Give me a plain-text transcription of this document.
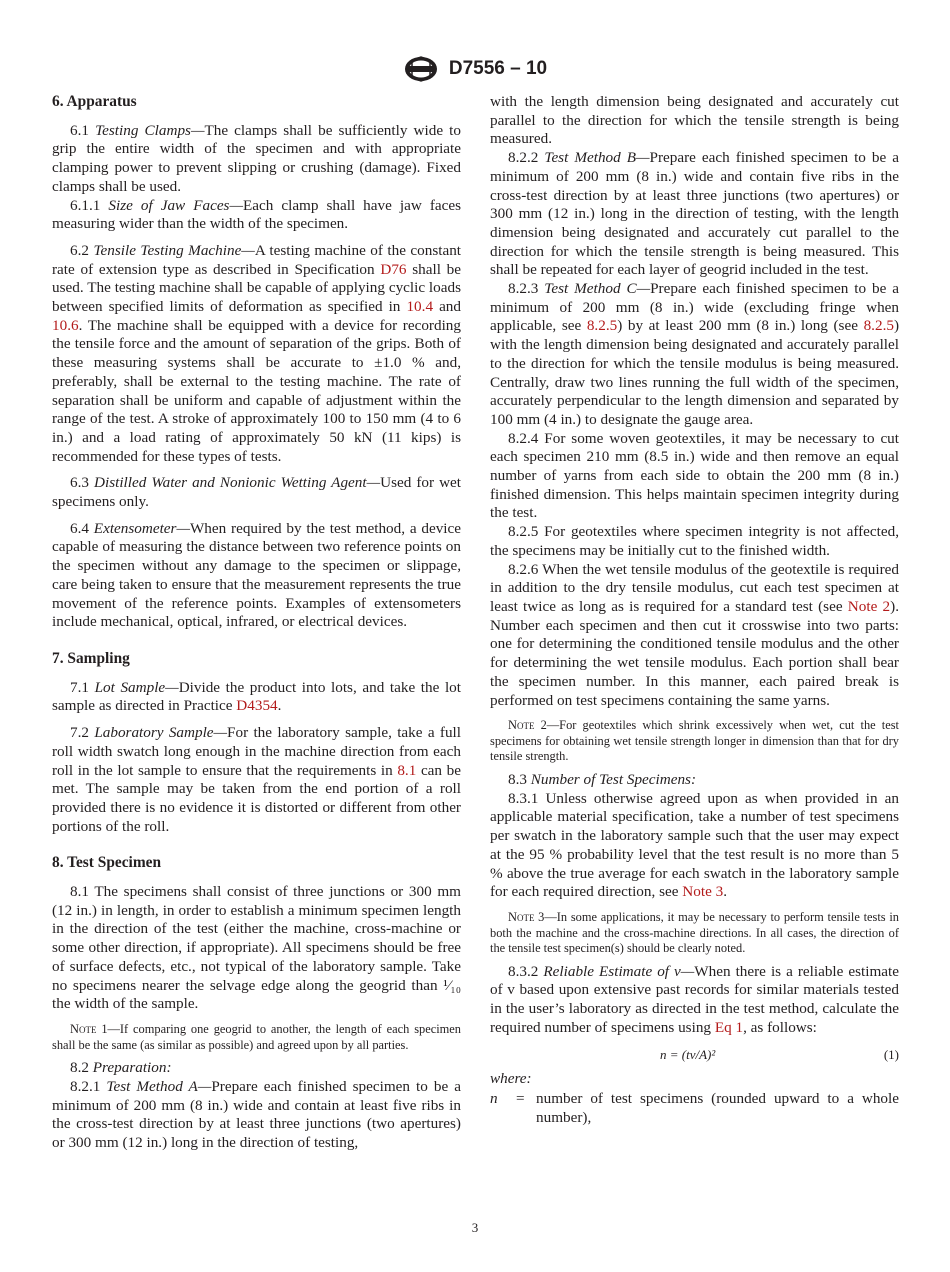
D7556 – 10
6. Apparatus

6.1 Testing Clamps—The clamps shall be sufficiently wide to grip the entire width of the specimen and with appropriate clamping power to prevent slipping or crushing (damage). Fixed clamps shall be used.

6.1.1 Size of Jaw Faces—Each clamp shall have jaw faces measuring wider than the width of the specimen.

6.2 Tensile Testing Machine—A testing machine of the constant rate of extension type as described in Specification D76 shall be used. The testing machine shall be capable of applying cyclic loads between specified limits of deformation as specified in 10.4 and 10.6. The machine shall be equipped with a device for recording the tensile force and the amount of separation of the grips. Both of these measuring systems shall be accurate to ±1.0 % and, preferably, shall be external to the testing machine. The rate of separation shall be uniform and capable of adjustment within the range of the test. A stroke of approximately 100 to 150 mm (4 to 6 in.) and a load rating of approximately 50 kN (11 kips) is recommended for these types of tests.

6.3 Distilled Water and Nonionic Wetting Agent—Used for wet specimens only.

6.4 Extensometer—When required by the test method, a device capable of measuring the distance between two reference points on the specimen without any damage to the specimen or slippage, care being taken to ensure that the measurement represents the true movement of the reference points. Examples of extensometers include mechanical, optical, infrared, or electrical devices.

7. Sampling

7.1 Lot Sample—Divide the product into lots, and take the lot sample as directed in Practice D4354.

7.2 Laboratory Sample—For the laboratory sample, take a full roll width swatch long enough in the machine direction from each roll in the lot sample to ensure that the requirements in 8.1 can be met. The sample may be taken from the end portion of a roll provided there is no evidence it is distorted or different from other portions of the roll.

8. Test Specimen

8.1 The specimens shall consist of three junctions or 300 mm (12 in.) in length, in order to establish a minimum specimen length in the direction of the test (either the machine, cross-machine or some other direction, if appropriate). All specimens should be free of surface defects, etc., not typical of the laboratory sample. Take no specimens nearer the selvage edge along the geogrid than ¹⁄₁₀ the width of the sample.

Note 1—If comparing one geogrid to another, the length of each specimen shall be the same (as similar as possible) and agreed upon by all parties.

8.2 Preparation:

8.2.1 Test Method A—Prepare each finished specimen to be a minimum of 200 mm (8 in.) wide and contain at least five ribs in the cross-test direction by at least three junctions (two apertures) or 300 mm (12 in.) long in the direction of testing,

with the length dimension being designated and accurately cut parallel to the direction for which the tensile strength is being measured.

8.2.2 Test Method B—Prepare each finished specimen to be a minimum of 200 mm (8 in.) wide and contain five ribs in the cross-test direction by at least three junctions (two apertures) or 300 mm (12 in.) long in the direction of testing, with the length dimension being designated and accurately cut parallel to the direction for which the tensile strength is being measured. This shall be repeated for each layer of geogrid included in the test.

8.2.3 Test Method C—Prepare each finished specimen to be a minimum of 200 mm (8 in.) wide (excluding fringe when applicable, see 8.2.5) by at least 200 mm (8 in.) long (see 8.2.5) with the length dimension being designated and accurately parallel to the direction for which the tensile modulus is being measured. Centrally, draw two lines running the full width of the specimen, accurately perpendicular to the length dimension and separated by 100 mm (4 in.) to designate the gauge area.

8.2.4 For some woven geotextiles, it may be necessary to cut each specimen 210 mm (8.5 in.) wide and then remove an equal number of yarns from each side to obtain the 200 mm (8 in.) finished dimension. This helps maintain specimen integrity during the test.

8.2.5 For geotextiles where specimen integrity is not affected, the specimens may be initially cut to the finished width.

8.2.6 When the wet tensile modulus of the geotextile is required in addition to the dry tensile modulus, cut each test specimen at least twice as long as is required for a standard test (see Note 2). Number each specimen and then cut it crosswise into two parts: one for determining the conditioned tensile modulus and the other for determining the wet tensile modulus. Each portion shall bear the specimen number. In this manner, each paired break is performed on test specimens containing the same yarns.

Note 2—For geotextiles which shrink excessively when wet, cut the test specimens for obtaining wet tensile strength longer in dimension than that for dry tensile strength.

8.3 Number of Test Specimens:

8.3.1 Unless otherwise agreed upon as when provided in an applicable material specification, take a number of test specimens per swatch in the laboratory sample such that the user may expect at the 95 % probability level that the test result is no more than 5 % above the true average for each swatch in the laboratory sample for each required direction, see Note 3.

Note 3—In some applications, it may be necessary to perform tensile tests in both the machine and the cross-machine directions. In all cases, the direction of the tensile test specimen(s) should be clearly noted.

8.3.2 Reliable Estimate of v—When there is a reliable estimate of v based upon extensive past records for similar materials tested in the user’s laboratory as directed in the test method, calculate the required number of specimens using Eq 1, as follows:

n = (tv/A)²	(1)

where:

n = number of test specimens (rounded upward to a whole number),

3
